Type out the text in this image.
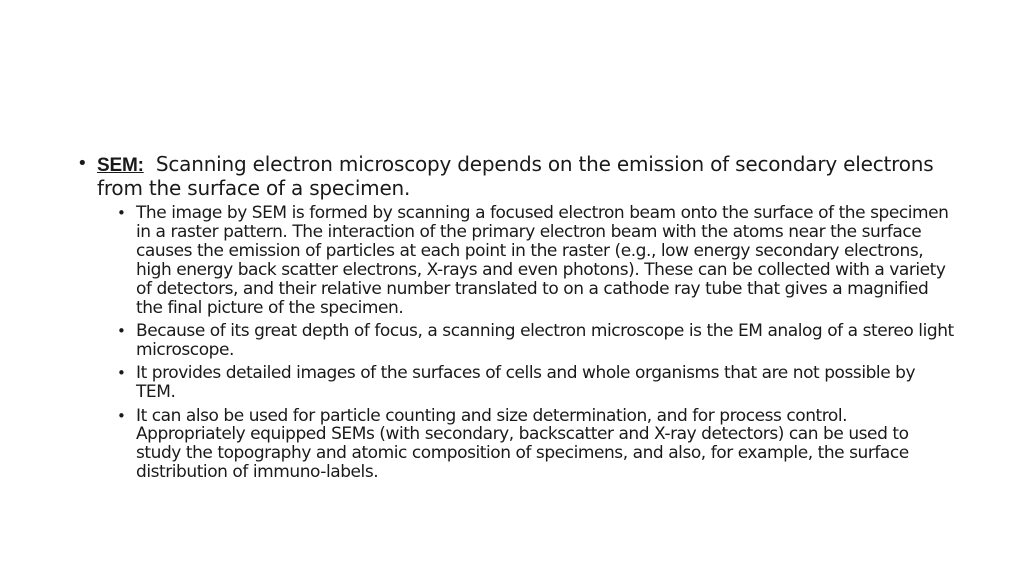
• SEM: Scanning electron microscopy depends on the emission of secondary electrons from the surface of a specimen.

• The image by SEM is formed by scanning a focused electron beam onto the surface of the specimen in a raster pattern. The interaction of the primary electron beam with the atoms near the surface causes the emission of particles at each point in the raster (e.g., low energy secondary electrons, high energy back scatter electrons, X-rays and even photons). These can be collected with a variety of detectors, and their relative number translated to on a cathode ray tube that gives a magnified the final picture of the specimen.
• Because of its great depth of focus, a scanning electron microscope is the EM analog of a stereo light microscope.
• It provides detailed images of the surfaces of cells and whole organisms that are not possible by TEM.
• It can also be used for particle counting and size determination, and for process control. Appropriately equipped SEMs (with secondary, backscatter and X-ray detectors) can be used to study the topography and atomic composition of specimens, and also, for example, the surface distribution of immuno-labels.
